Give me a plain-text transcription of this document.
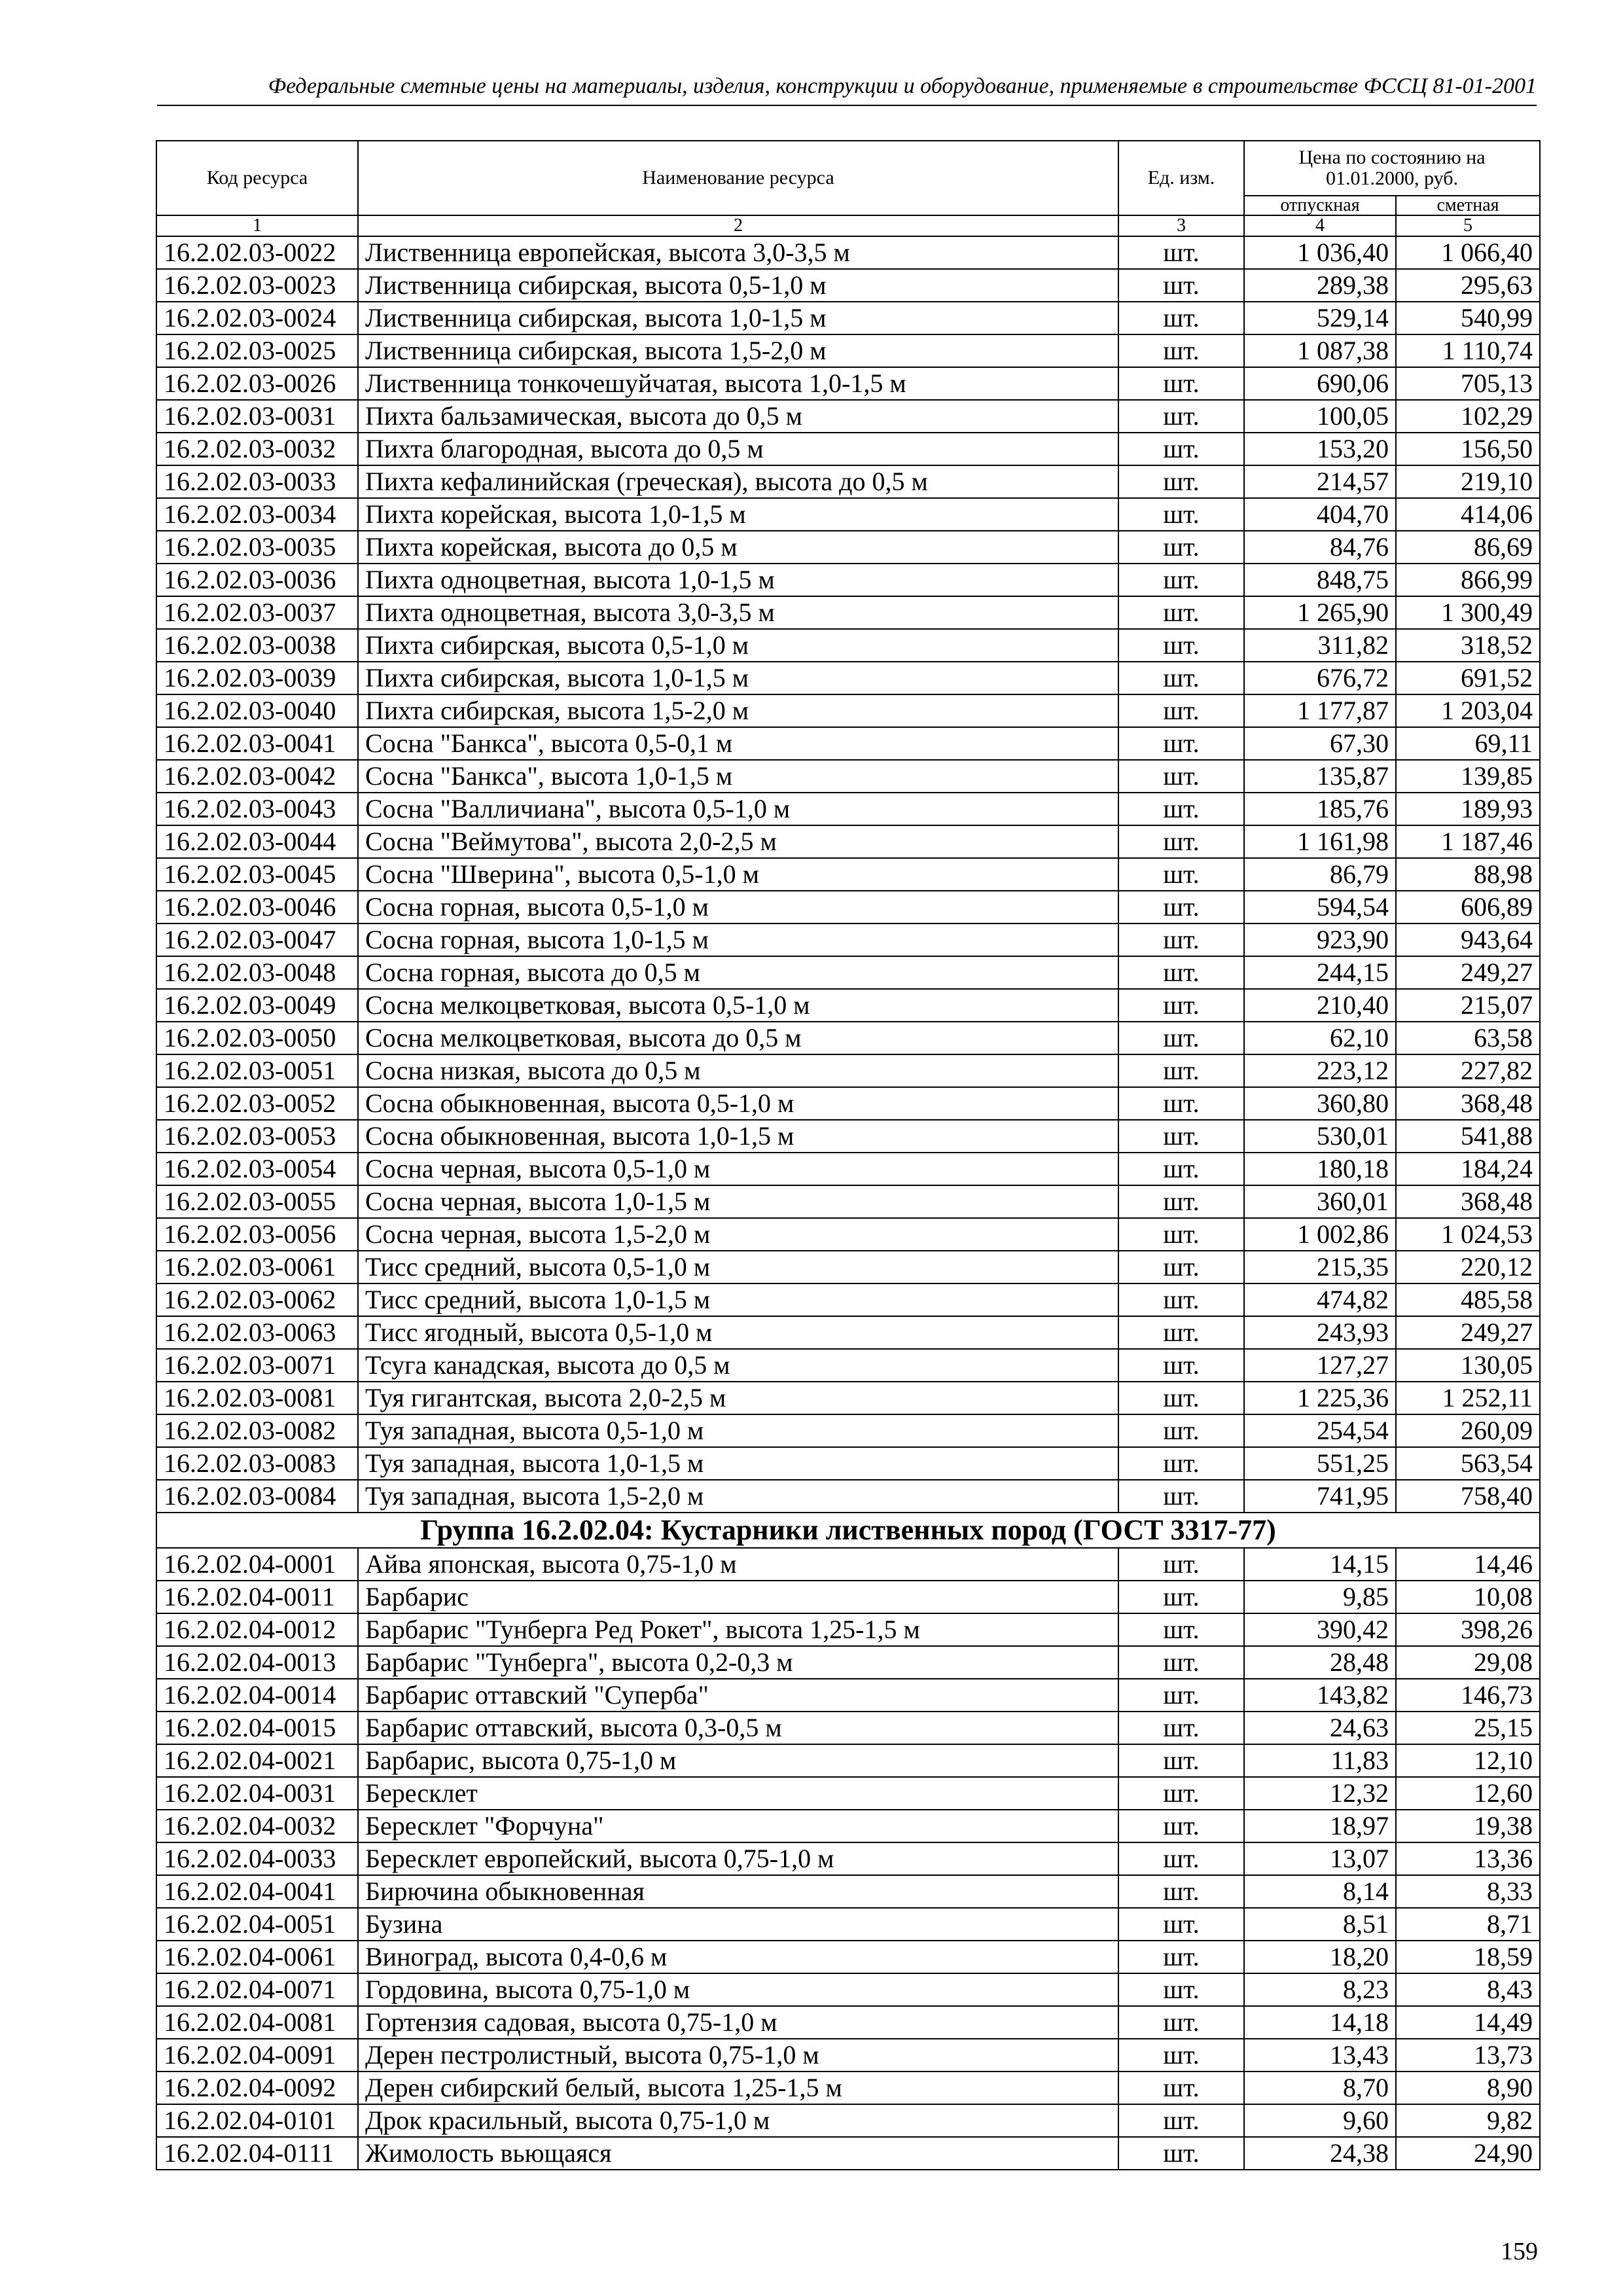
Федеральные сметные цены на материалы, изделия, конструкции и оборудование, применяемые в строительстве ФССЦ 81-01-2001
Код ресурса	Наименование ресурса	Ед. изм.	Цена по состоянию на 01.01.2000, руб.	
			отпускная	сметная
1	2	3	4	5
16.2.02.03-0022	Лиственница европейская, высота 3,0-3,5 м	шт.	1 036,40	1 066,40
16.2.02.03-0023	Лиственница сибирская, высота 0,5-1,0 м	шт.	289,38	295,63
16.2.02.03-0024	Лиственница сибирская, высота 1,0-1,5 м	шт.	529,14	540,99
16.2.02.03-0025	Лиственница сибирская, высота 1,5-2,0 м	шт.	1 087,38	1 110,74
16.2.02.03-0026	Лиственница тонкочешуйчатая, высота 1,0-1,5 м	шт.	690,06	705,13
16.2.02.03-0031	Пихта бальзамическая, высота до 0,5 м	шт.	100,05	102,29
16.2.02.03-0032	Пихта благородная, высота до 0,5 м	шт.	153,20	156,50
16.2.02.03-0033	Пихта кефалинийская (греческая), высота до 0,5 м	шт.	214,57	219,10
16.2.02.03-0034	Пихта корейская, высота 1,0-1,5 м	шт.	404,70	414,06
16.2.02.03-0035	Пихта корейская, высота до 0,5 м	шт.	84,76	86,69
16.2.02.03-0036	Пихта одноцветная, высота 1,0-1,5 м	шт.	848,75	866,99
16.2.02.03-0037	Пихта одноцветная, высота 3,0-3,5 м	шт.	1 265,90	1 300,49
16.2.02.03-0038	Пихта сибирская, высота 0,5-1,0 м	шт.	311,82	318,52
16.2.02.03-0039	Пихта сибирская, высота 1,0-1,5 м	шт.	676,72	691,52
16.2.02.03-0040	Пихта сибирская, высота 1,5-2,0 м	шт.	1 177,87	1 203,04
16.2.02.03-0041	Сосна "Банкса", высота 0,5-0,1 м	шт.	67,30	69,11
16.2.02.03-0042	Сосна "Банкса", высота 1,0-1,5 м	шт.	135,87	139,85
16.2.02.03-0043	Сосна "Валличиана", высота 0,5-1,0 м	шт.	185,76	189,93
16.2.02.03-0044	Сосна "Веймутова", высота 2,0-2,5 м	шт.	1 161,98	1 187,46
16.2.02.03-0045	Сосна "Шверина", высота 0,5-1,0 м	шт.	86,79	88,98
16.2.02.03-0046	Сосна горная, высота 0,5-1,0 м	шт.	594,54	606,89
16.2.02.03-0047	Сосна горная, высота 1,0-1,5 м	шт.	923,90	943,64
16.2.02.03-0048	Сосна горная, высота до 0,5 м	шт.	244,15	249,27
16.2.02.03-0049	Сосна мелкоцветковая, высота 0,5-1,0 м	шт.	210,40	215,07
16.2.02.03-0050	Сосна мелкоцветковая, высота до 0,5 м	шт.	62,10	63,58
16.2.02.03-0051	Сосна низкая, высота до 0,5 м	шт.	223,12	227,82
16.2.02.03-0052	Сосна обыкновенная, высота 0,5-1,0 м	шт.	360,80	368,48
16.2.02.03-0053	Сосна обыкновенная, высота 1,0-1,5 м	шт.	530,01	541,88
16.2.02.03-0054	Сосна черная, высота 0,5-1,0 м	шт.	180,18	184,24
16.2.02.03-0055	Сосна черная, высота 1,0-1,5 м	шт.	360,01	368,48
16.2.02.03-0056	Сосна черная, высота 1,5-2,0 м	шт.	1 002,86	1 024,53
16.2.02.03-0061	Тисс средний, высота 0,5-1,0 м	шт.	215,35	220,12
16.2.02.03-0062	Тисс средний, высота 1,0-1,5 м	шт.	474,82	485,58
16.2.02.03-0063	Тисс ягодный, высота 0,5-1,0 м	шт.	243,93	249,27
16.2.02.03-0071	Тсуга канадская, высота до 0,5 м	шт.	127,27	130,05
16.2.02.03-0081	Туя гигантская, высота 2,0-2,5 м	шт.	1 225,36	1 252,11
16.2.02.03-0082	Туя западная, высота 0,5-1,0 м	шт.	254,54	260,09
16.2.02.03-0083	Туя западная, высота 1,0-1,5 м	шт.	551,25	563,54
16.2.02.03-0084	Туя западная, высота 1,5-2,0 м	шт.	741,95	758,40
Группа 16.2.02.04: Кустарники лиственных пород (ГОСТ 3317-77)				
16.2.02.04-0001	Айва японская, высота 0,75-1,0 м	шт.	14,15	14,46
16.2.02.04-0011	Барбарис	шт.	9,85	10,08
16.2.02.04-0012	Барбарис "Тунберга Ред Рокет", высота 1,25-1,5 м	шт.	390,42	398,26
16.2.02.04-0013	Барбарис "Тунберга", высота 0,2-0,3 м	шт.	28,48	29,08
16.2.02.04-0014	Барбарис оттавский "Суперба"	шт.	143,82	146,73
16.2.02.04-0015	Барбарис оттавский, высота 0,3-0,5 м	шт.	24,63	25,15
16.2.02.04-0021	Барбарис, высота 0,75-1,0 м	шт.	11,83	12,10
16.2.02.04-0031	Бересклет	шт.	12,32	12,60
16.2.02.04-0032	Бересклет "Форчуна"	шт.	18,97	19,38
16.2.02.04-0033	Бересклет европейский, высота 0,75-1,0 м	шт.	13,07	13,36
16.2.02.04-0041	Бирючина обыкновенная	шт.	8,14	8,33
16.2.02.04-0051	Бузина	шт.	8,51	8,71
16.2.02.04-0061	Виноград, высота 0,4-0,6 м	шт.	18,20	18,59
16.2.02.04-0071	Гордовина, высота 0,75-1,0 м	шт.	8,23	8,43
16.2.02.04-0081	Гортензия садовая, высота 0,75-1,0 м	шт.	14,18	14,49
16.2.02.04-0091	Дерен пестролистный, высота 0,75-1,0 м	шт.	13,43	13,73
16.2.02.04-0092	Дерен сибирский белый, высота 1,25-1,5 м	шт.	8,70	8,90
16.2.02.04-0101	Дрок красильный, высота 0,75-1,0 м	шт.	9,60	9,82
16.2.02.04-0111	Жимолость вьющаяся	шт.	24,38	24,90
159
